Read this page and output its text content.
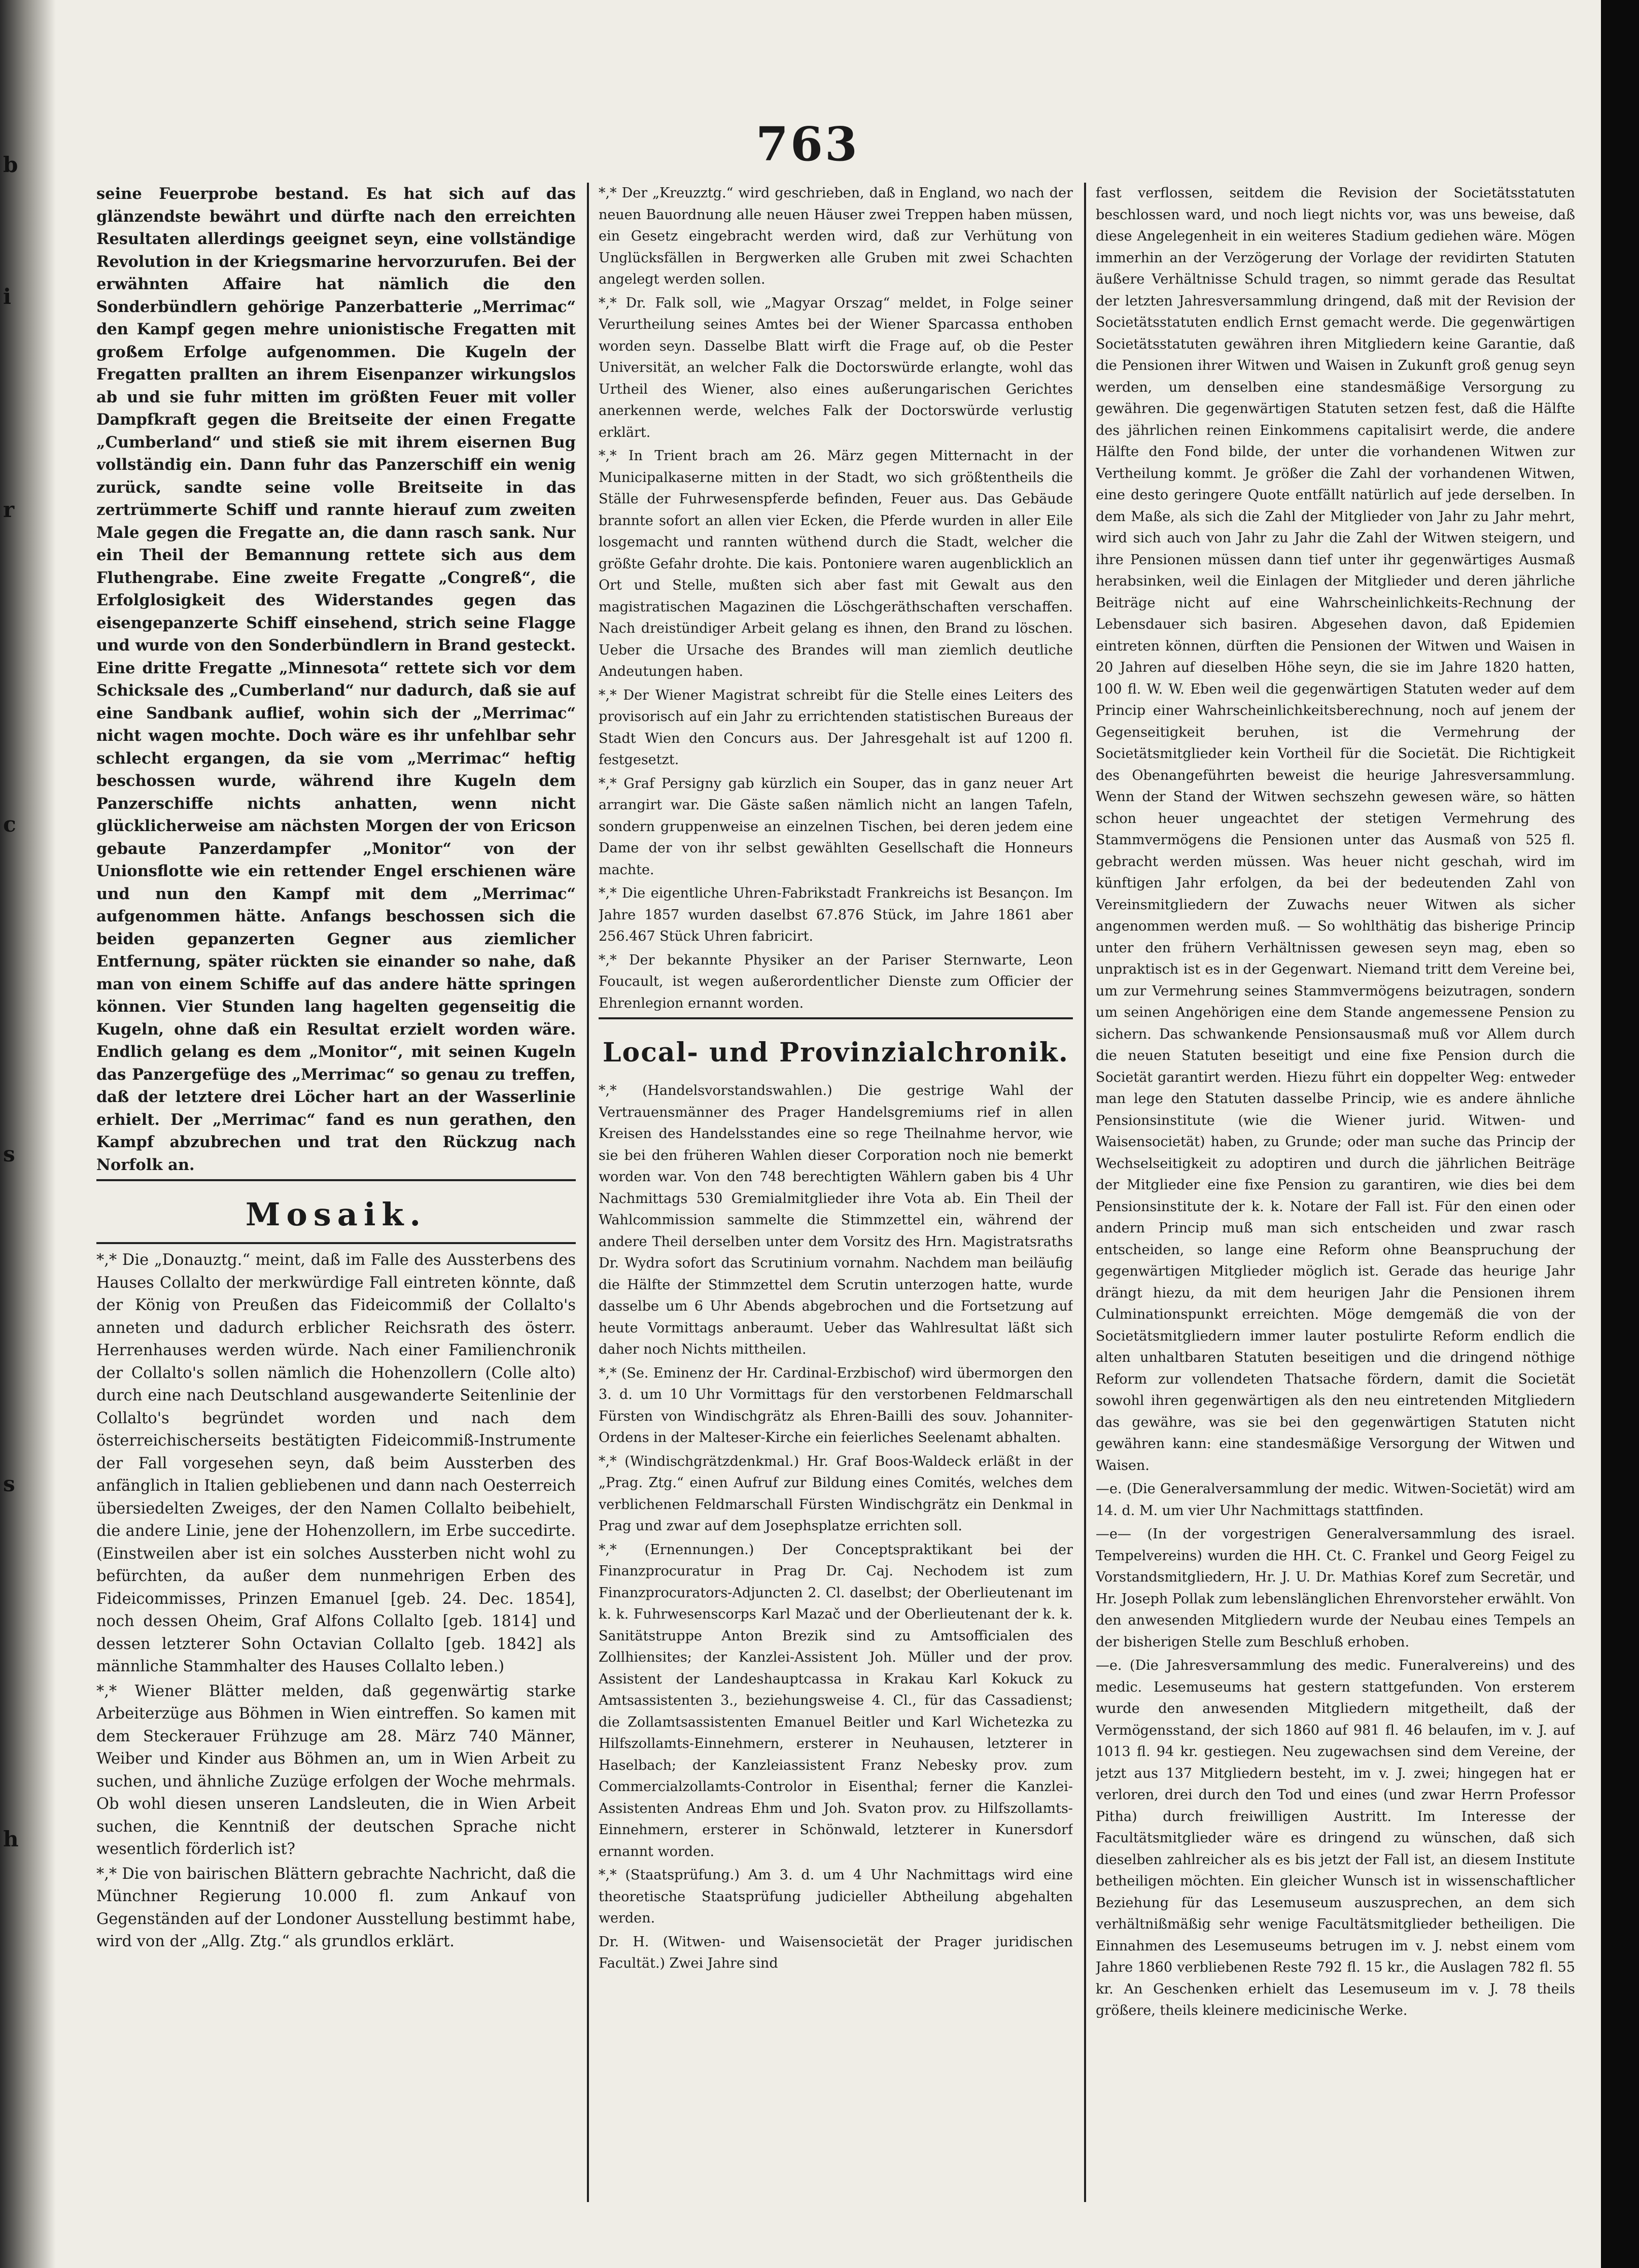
b
i
r
c
s
s
h
763

seine Feuerprobe bestand. Es hat sich auf das glänzendste bewährt und dürfte nach den erreichten Resultaten allerdings geeignet seyn, eine vollständige Revolution in der Kriegsmarine hervorzurufen. Bei der erwähnten Affaire hat nämlich die den Sonderbündlern gehörige Panzerbatterie „Merrimac“ den Kampf gegen mehre unionistische Fregatten mit großem Erfolge aufgenommen. Die Kugeln der Fregatten prallten an ihrem Eisenpanzer wirkungslos ab und sie fuhr mitten im größten Feuer mit voller Dampfkraft gegen die Breitseite der einen Fregatte „Cumberland“ und stieß sie mit ihrem eisernen Bug vollständig ein. Dann fuhr das Panzerschiff ein wenig zurück, sandte seine volle Breitseite in das zertrümmerte Schiff und rannte hierauf zum zweiten Male gegen die Fregatte an, die dann rasch sank. Nur ein Theil der Bemannung rettete sich aus dem Fluthengrabe. Eine zweite Fregatte „Congreß“, die Erfolglosigkeit des Widerstandes gegen das eisengepanzerte Schiff einsehend, strich seine Flagge und wurde von den Sonderbündlern in Brand gesteckt. Eine dritte Fregatte „Minnesota“ rettete sich vor dem Schicksale des „Cumberland“ nur dadurch, daß sie auf eine Sandbank auflief, wohin sich der „Merrimac“ nicht wagen mochte. Doch wäre es ihr unfehlbar sehr schlecht ergangen, da sie vom „Merrimac“ heftig beschossen wurde, während ihre Kugeln dem Panzerschiffe nichts anhatten, wenn nicht glücklicherweise am nächsten Morgen der von Ericson gebaute Panzerdampfer „Monitor“ von der Unionsflotte wie ein rettender Engel erschienen wäre und nun den Kampf mit dem „Merrimac“ aufgenommen hätte. Anfangs beschossen sich die beiden gepanzerten Gegner aus ziemlicher Entfernung, später rückten sie einander so nahe, daß man von einem Schiffe auf das andere hätte springen können. Vier Stunden lang hagelten gegenseitig die Kugeln, ohne daß ein Resultat erzielt worden wäre. Endlich gelang es dem „Monitor“, mit seinen Kugeln das Panzergefüge des „Merrimac“ so genau zu treffen, daß der letztere drei Löcher hart an der Wasserlinie erhielt. Der „Merrimac“ fand es nun gerathen, den Kampf abzubrechen und trat den Rückzug nach Norfolk an.

Mosaik.

*,* Die „Donauztg.“ meint, daß im Falle des Aussterbens des Hauses Collalto der merkwürdige Fall eintreten könnte, daß der König von Preußen das Fideicommiß der Collalto's anneten und dadurch erblicher Reichsrath des österr. Herrenhauses werden würde. Nach einer Familienchronik der Collalto's sollen nämlich die Hohenzollern (Colle alto) durch eine nach Deutschland ausgewanderte Seitenlinie der Collalto's begründet worden und nach dem österreichischerseits bestätigten Fideicommiß-Instrumente der Fall vorgesehen seyn, daß beim Aussterben des anfänglich in Italien gebliebenen und dann nach Oesterreich übersiedelten Zweiges, der den Namen Collalto beibehielt, die andere Linie, jene der Hohenzollern, im Erbe succedirte. (Einstweilen aber ist ein solches Aussterben nicht wohl zu befürchten, da außer dem nunmehrigen Erben des Fideicommisses, Prinzen Emanuel [geb. 24. Dec. 1854], noch dessen Oheim, Graf Alfons Collalto [geb. 1814] und dessen letzterer Sohn Octavian Collalto [geb. 1842] als männliche Stammhalter des Hauses Collalto leben.)

*,* Wiener Blätter melden, daß gegenwärtig starke Arbeiterzüge aus Böhmen in Wien eintreffen. So kamen mit dem Steckerauer Frühzuge am 28. März 740 Männer, Weiber und Kinder aus Böhmen an, um in Wien Arbeit zu suchen, und ähnliche Zuzüge erfolgen der Woche mehrmals. Ob wohl diesen unseren Landsleuten, die in Wien Arbeit suchen, die Kenntniß der deutschen Sprache nicht wesentlich förderlich ist?

*,* Die von bairischen Blättern gebrachte Nachricht, daß die Münchner Regierung 10.000 fl. zum Ankauf von Gegenständen auf der Londoner Ausstellung bestimmt habe, wird von der „Allg. Ztg.“ als grundlos erklärt.

*,* Der „Kreuzztg.“ wird geschrieben, daß in England, wo nach der neuen Bauordnung alle neuen Häuser zwei Treppen haben müssen, ein Gesetz eingebracht werden wird, daß zur Verhütung von Unglücksfällen in Bergwerken alle Gruben mit zwei Schachten angelegt werden sollen.

*,* Dr. Falk soll, wie „Magyar Orszag“ meldet, in Folge seiner Verurtheilung seines Amtes bei der Wiener Sparcassa enthoben worden seyn. Dasselbe Blatt wirft die Frage auf, ob die Pester Universität, an welcher Falk die Doctorswürde erlangte, wohl das Urtheil des Wiener, also eines außerungarischen Gerichtes anerkennen werde, welches Falk der Doctorswürde verlustig erklärt.

*,* In Trient brach am 26. März gegen Mitternacht in der Municipalkaserne mitten in der Stadt, wo sich größtentheils die Ställe der Fuhrwesenspferde befinden, Feuer aus. Das Gebäude brannte sofort an allen vier Ecken, die Pferde wurden in aller Eile losgemacht und rannten wüthend durch die Stadt, welcher die größte Gefahr drohte. Die kais. Pontoniere waren augenblicklich an Ort und Stelle, mußten sich aber fast mit Gewalt aus den magistratischen Magazinen die Löschgeräthschaften verschaffen. Nach dreistündiger Arbeit gelang es ihnen, den Brand zu löschen. Ueber die Ursache des Brandes will man ziemlich deutliche Andeutungen haben.

*,* Der Wiener Magistrat schreibt für die Stelle eines Leiters des provisorisch auf ein Jahr zu errichtenden statistischen Bureaus der Stadt Wien den Concurs aus. Der Jahresgehalt ist auf 1200 fl. festgesetzt.

*,* Graf Persigny gab kürzlich ein Souper, das in ganz neuer Art arrangirt war. Die Gäste saßen nämlich nicht an langen Tafeln, sondern gruppenweise an einzelnen Tischen, bei deren jedem eine Dame der von ihr selbst gewählten Gesellschaft die Honneurs machte.

*,* Die eigentliche Uhren-Fabrikstadt Frankreichs ist Besançon. Im Jahre 1857 wurden daselbst 67.876 Stück, im Jahre 1861 aber 256.467 Stück Uhren fabricirt.

*,* Der bekannte Physiker an der Pariser Sternwarte, Leon Foucault, ist wegen außerordentlicher Dienste zum Officier der Ehrenlegion ernannt worden.

Local- und Provinzialchronik.

*,* (Handelsvorstandswahlen.) Die gestrige Wahl der Vertrauensmänner des Prager Handelsgremiums rief in allen Kreisen des Handelsstandes eine so rege Theilnahme hervor, wie sie bei den früheren Wahlen dieser Corporation noch nie bemerkt worden war. Von den 748 berechtigten Wählern gaben bis 4 Uhr Nachmittags 530 Gremialmitglieder ihre Vota ab. Ein Theil der Wahlcommission sammelte die Stimmzettel ein, während der andere Theil derselben unter dem Vorsitz des Hrn. Magistratsraths Dr. Wydra sofort das Scrutinium vornahm. Nachdem man beiläufig die Hälfte der Stimmzettel dem Scrutin unterzogen hatte, wurde dasselbe um 6 Uhr Abends abgebrochen und die Fortsetzung auf heute Vormittags anberaumt. Ueber das Wahlresultat läßt sich daher noch Nichts mittheilen.

*,* (Se. Eminenz der Hr. Cardinal-Erzbischof) wird übermorgen den 3. d. um 10 Uhr Vormittags für den verstorbenen Feldmarschall Fürsten von Windischgrätz als Ehren-Bailli des souv. Johanniter-Ordens in der Malteser-Kirche ein feierliches Seelenamt abhalten.

*,* (Windischgrätzdenkmal.) Hr. Graf Boos-Waldeck erläßt in der „Prag. Ztg.“ einen Aufruf zur Bildung eines Comités, welches dem verblichenen Feldmarschall Fürsten Windischgrätz ein Denkmal in Prag und zwar auf dem Josephsplatze errichten soll.

*,* (Ernennungen.) Der Conceptspraktikant bei der Finanzprocuratur in Prag Dr. Caj. Nechodem ist zum Finanzprocurators-Adjuncten 2. Cl. daselbst; der Oberlieutenant im k. k. Fuhrwesenscorps Karl Mazač und der Oberlieutenant der k. k. Sanitätstruppe Anton Brezik sind zu Amtsofficialen des Zollhiensites; der Kanzlei-Assistent Joh. Müller und der prov. Assistent der Landeshauptcassa in Krakau Karl Kokuck zu Amtsassistenten 3., beziehungsweise 4. Cl., für das Cassadienst; die Zollamtsassistenten Emanuel Beitler und Karl Wichetezka zu Hilfszollamts-Einnehmern, ersterer in Neuhausen, letzterer in Haselbach; der Kanzleiassistent Franz Nebesky prov. zum Commercialzollamts-Controlor in Eisenthal; ferner die Kanzlei-Assistenten Andreas Ehm und Joh. Svaton prov. zu Hilfszollamts-Einnehmern, ersterer in Schönwald, letzterer in Kunersdorf ernannt worden.

*,* (Staatsprüfung.) Am 3. d. um 4 Uhr Nachmittags wird eine theoretische Staatsprüfung judicieller Abtheilung abgehalten werden.

Dr. H. (Witwen- und Waisensocietät der Prager juridischen Facultät.) Zwei Jahre sind

fast verflossen, seitdem die Revision der Societätsstatuten beschlossen ward, und noch liegt nichts vor, was uns beweise, daß diese Angelegenheit in ein weiteres Stadium gediehen wäre. Mögen immerhin an der Verzögerung der Vorlage der revidirten Statuten äußere Verhältnisse Schuld tragen, so nimmt gerade das Resultat der letzten Jahresversammlung dringend, daß mit der Revision der Societätsstatuten endlich Ernst gemacht werde. Die gegenwärtigen Societätsstatuten gewähren ihren Mitgliedern keine Garantie, daß die Pensionen ihrer Witwen und Waisen in Zukunft groß genug seyn werden, um denselben eine standesmäßige Versorgung zu gewähren. Die gegenwärtigen Statuten setzen fest, daß die Hälfte des jährlichen reinen Einkommens capitalisirt werde, die andere Hälfte den Fond bilde, der unter die vorhandenen Witwen zur Vertheilung kommt. Je größer die Zahl der vorhandenen Witwen, eine desto geringere Quote entfällt natürlich auf jede derselben. In dem Maße, als sich die Zahl der Mitglieder von Jahr zu Jahr mehrt, wird sich auch von Jahr zu Jahr die Zahl der Witwen steigern, und ihre Pensionen müssen dann tief unter ihr gegenwärtiges Ausmaß herabsinken, weil die Einlagen der Mitglieder und deren jährliche Beiträge nicht auf eine Wahrscheinlichkeits-Rechnung der Lebensdauer sich basiren. Abgesehen davon, daß Epidemien eintreten können, dürften die Pensionen der Witwen und Waisen in 20 Jahren auf dieselben Höhe seyn, die sie im Jahre 1820 hatten, 100 fl. W. W. Eben weil die gegenwärtigen Statuten weder auf dem Princip einer Wahrscheinlichkeitsberechnung, noch auf jenem der Gegenseitigkeit beruhen, ist die Vermehrung der Societätsmitglieder kein Vortheil für die Societät. Die Richtigkeit des Obenangeführten beweist die heurige Jahresversammlung. Wenn der Stand der Witwen sechszehn gewesen wäre, so hätten schon heuer ungeachtet der stetigen Vermehrung des Stammvermögens die Pensionen unter das Ausmaß von 525 fl. gebracht werden müssen. Was heuer nicht geschah, wird im künftigen Jahr erfolgen, da bei der bedeutenden Zahl von Vereinsmitgliedern der Zuwachs neuer Witwen als sicher angenommen werden muß. — So wohlthätig das bisherige Princip unter den frühern Verhältnissen gewesen seyn mag, eben so unpraktisch ist es in der Gegenwart. Niemand tritt dem Vereine bei, um zur Vermehrung seines Stammvermögens beizutragen, sondern um seinen Angehörigen eine dem Stande angemessene Pension zu sichern. Das schwankende Pensionsausmaß muß vor Allem durch die neuen Statuten beseitigt und eine fixe Pension durch die Societät garantirt werden. Hiezu führt ein doppelter Weg: entweder man lege den Statuten dasselbe Princip, wie es andere ähnliche Pensionsinstitute (wie die Wiener jurid. Witwen- und Waisensocietät) haben, zu Grunde; oder man suche das Princip der Wechselseitigkeit zu adoptiren und durch die jährlichen Beiträge der Mitglieder eine fixe Pension zu garantiren, wie dies bei dem Pensionsinstitute der k. k. Notare der Fall ist. Für den einen oder andern Princip muß man sich entscheiden und zwar rasch entscheiden, so lange eine Reform ohne Beanspruchung der gegenwärtigen Mitglieder möglich ist. Gerade das heurige Jahr drängt hiezu, da mit dem heurigen Jahr die Pensionen ihrem Culminationspunkt erreichten. Möge demgemäß die von der Societätsmitgliedern immer lauter postulirte Reform endlich die alten unhaltbaren Statuten beseitigen und die dringend nöthige Reform zur vollendeten Thatsache fördern, damit die Societät sowohl ihren gegenwärtigen als den neu eintretenden Mitgliedern das gewähre, was sie bei den gegenwärtigen Statuten nicht gewähren kann: eine standesmäßige Versorgung der Witwen und Waisen.

—e. (Die Generalversammlung der medic. Witwen-Societät) wird am 14. d. M. um vier Uhr Nachmittags stattfinden.

—e— (In der vorgestrigen Generalversammlung des israel. Tempelvereins) wurden die HH. Ct. C. Frankel und Georg Feigel zu Vorstandsmitgliedern, Hr. J. U. Dr. Mathias Koref zum Secretär, und Hr. Joseph Pollak zum lebenslänglichen Ehrenvorsteher erwählt. Von den anwesenden Mitgliedern wurde der Neubau eines Tempels an der bisherigen Stelle zum Beschluß erhoben.

—e. (Die Jahresversammlung des medic. Funeralvereins) und des medic. Lesemuseums hat gestern stattgefunden. Von ersterem wurde den anwesenden Mitgliedern mitgetheilt, daß der Vermögensstand, der sich 1860 auf 981 fl. 46 belaufen, im v. J. auf 1013 fl. 94 kr. gestiegen. Neu zugewachsen sind dem Vereine, der jetzt aus 137 Mitgliedern besteht, im v. J. zwei; hingegen hat er verloren, drei durch den Tod und eines (und zwar Herrn Professor Pitha) durch freiwilligen Austritt. Im Interesse der Facultätsmitglieder wäre es dringend zu wünschen, daß sich dieselben zahlreicher als es bis jetzt der Fall ist, an diesem Institute betheiligen möchten. Ein gleicher Wunsch ist in wissenschaftlicher Beziehung für das Lesemuseum auszusprechen, an dem sich verhältnißmäßig sehr wenige Facultätsmitglieder betheiligen. Die Einnahmen des Lesemuseums betrugen im v. J. nebst einem vom Jahre 1860 verbliebenen Reste 792 fl. 15 kr., die Auslagen 782 fl. 55 kr. An Geschenken erhielt das Lesemuseum im v. J. 78 theils größere, theils kleinere medicinische Werke.
